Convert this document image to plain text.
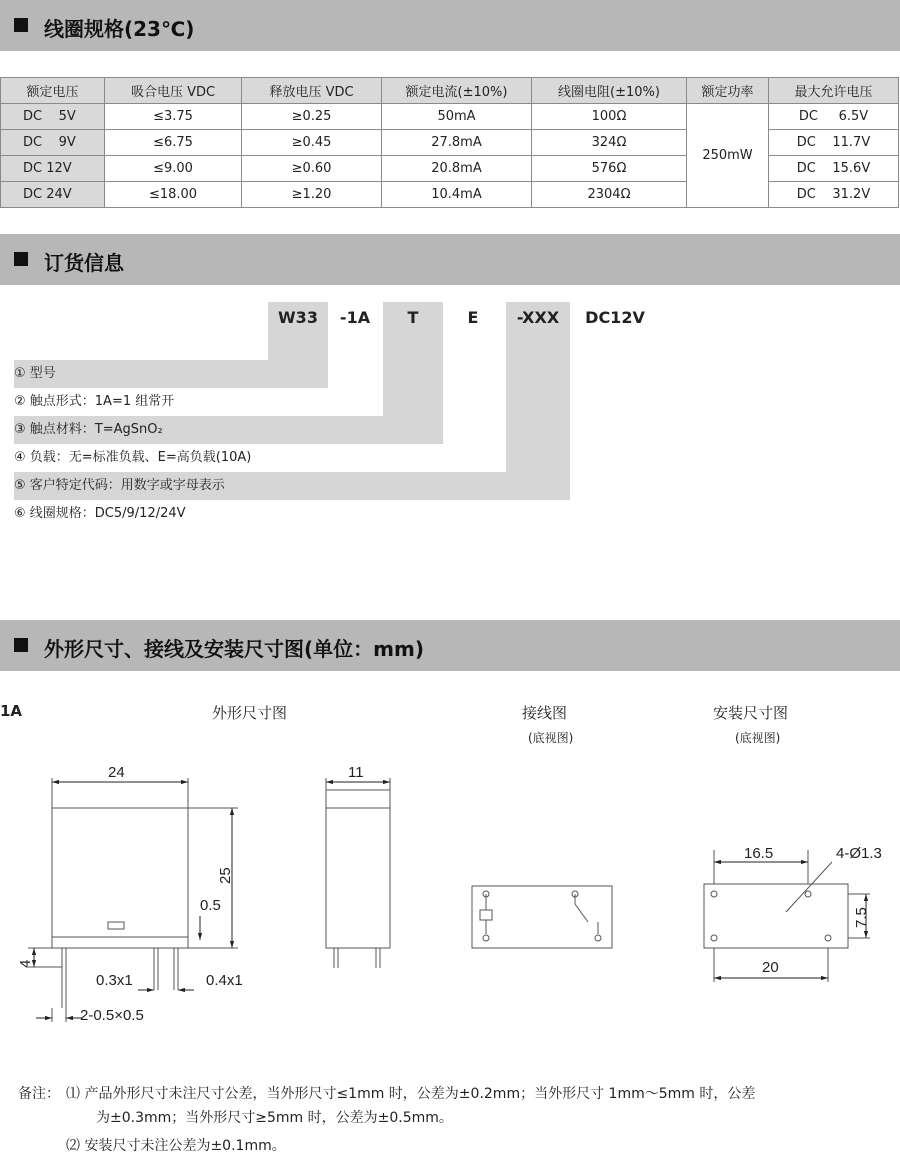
线圈规格(23℃)
额定电压	吸合电压 VDC	释放电压 VDC	额定电流(±10%)	线圈电阻(±10%)	额定功率	最大允许电压
DC    5V	≤3.75	≥0.25	50mA	100Ω	250mW	DC     6.5V
DC    9V	≤6.75	≥0.45	27.8mA	324Ω		DC    11.7V
DC 12V	≤9.00	≥0.60	20.8mA	576Ω		DC    15.6V
DC 24V	≤18.00	≥1.20	10.4mA	2304Ω		DC    31.2V
订货信息
W33	-1A	T	E	-XXX	DC12V
① 型号
② 触点形式：1A=1 组常开
③ 触点材料：T=AgSnO₂
④ 负载：无=标准负载、E=高负载(10A)
⑤ 客户特定代码：用数字或字母表示
⑥ 线圈规格：DC5/9/12/24V
外形尺寸、接线及安装尺寸图(单位：mm)
1A	外形尺寸图	接线图
(底视图)
安装尺寸图
(底视图)
24
25
0.5
4
11
0.3x1	0.4x1
2-0.5×0.5
16.5	4-Ø1.3
7.5
20
备注： ⑴ 产品外形尺寸未注尺寸公差，当外形尺寸≤1mm 时，公差为±0.2mm；当外形尺寸 1mm～5mm 时，公差
为±0.3mm；当外形尺寸≥5mm 时，公差为±0.5mm。
⑵ 安装尺寸未注公差为±0.1mm。
